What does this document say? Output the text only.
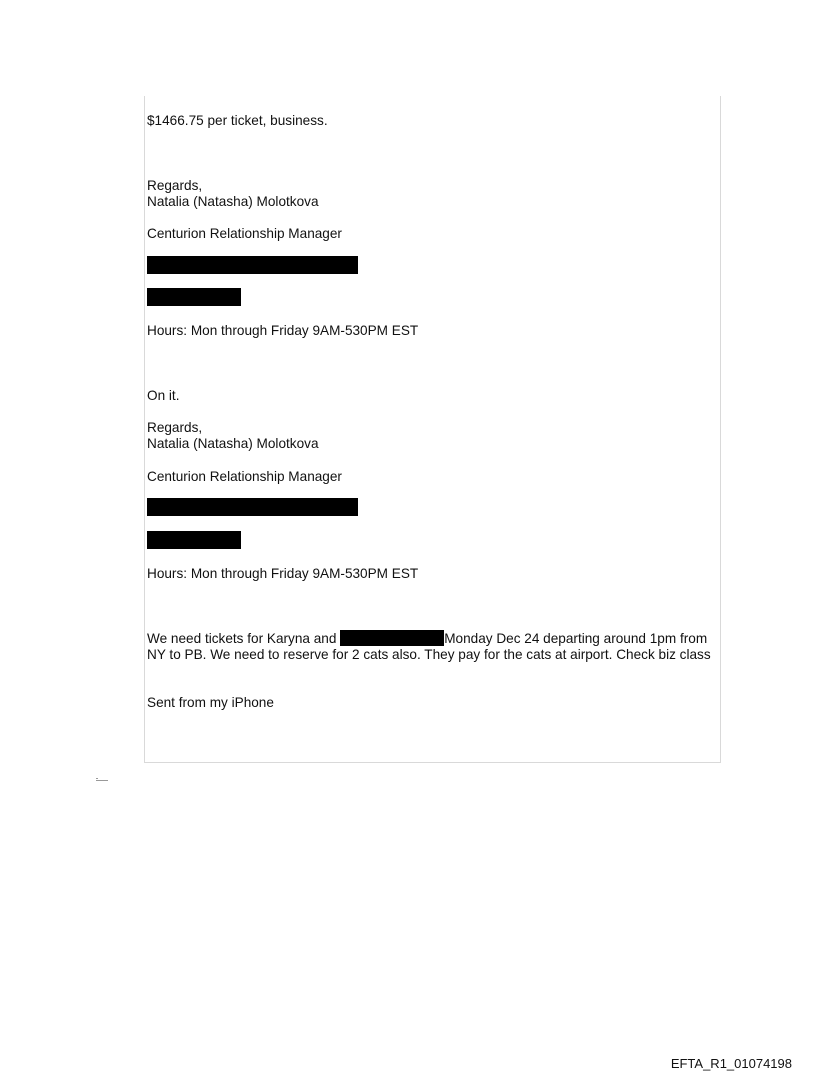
$1466.75 per ticket, business.
Regards,
Natalia (Natasha) Molotkova
Centurion Relationship Manager
Hours: Mon through Friday 9AM-530PM EST
On it.
Regards,
Natalia (Natasha) Molotkova
Centurion Relationship Manager
Hours: Mon through Friday 9AM-530PM EST
We need tickets for Karyna and	Monday Dec 24 departing around 1pm from NY to PB. We need to reserve for 2 cats also. They pay for the cats at airport. Check biz class
Sent from my iPhone
EFTA_R1_01074198
